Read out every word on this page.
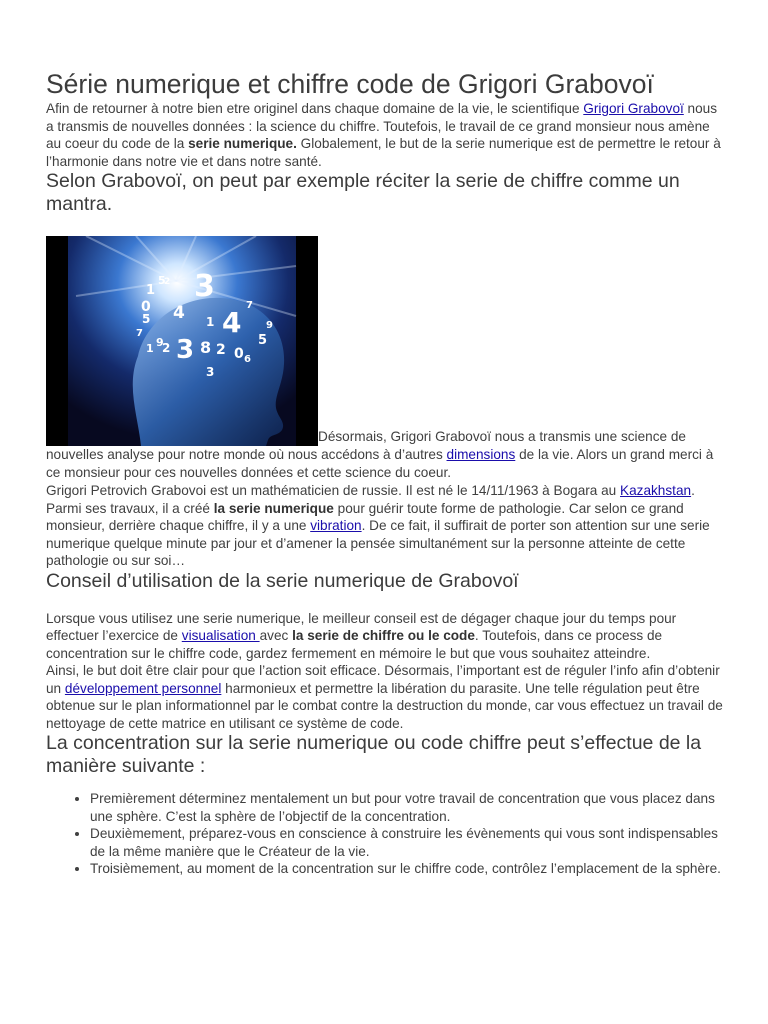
Série numerique et chiffre code de Grigori Grabovoï

Afin de retourner à notre bien etre originel dans chaque domaine de la vie, le scientifique Grigori Grabovoï nous a transmis de nouvelles données : la science du chiffre. Toutefois, le travail de ce grand monsieur nous amène au coeur du code de la serie numerique. Globalement, le but de la serie numerique est de permettre le retour à l’harmonie dans notre vie et dans notre santé.

Selon Grabovoï, on peut par exemple réciter la serie de chiffre comme un mantra.
1
5 3
2
0 4
5	1 4
3 8 2 0
5
9
7
1 2
3
7
6
9
Désormais, Grigori Grabovoï nous a transmis une science de nouvelles analyse pour notre monde où nous accédons à d’autres dimensions de la vie. Alors un grand merci à ce monsieur pour ces nouvelles données et cette science du coeur.

Grigori Petrovich Grabovoi est un mathématicien de russie. Il est né le 14/11/1963 à Bogara au Kazakhstan. Parmi ses travaux, il a créé la serie numerique pour guérir toute forme de pathologie. Car selon ce grand monsieur, derrière chaque chiffre, il y a une vibration. De ce fait, il suffirait de porter son attention sur une serie numerique quelque minute par jour et d’amener la pensée simultanément sur la personne atteinte de cette pathologie ou sur soi…

Conseil d’utilisation de la serie numerique de Grabovoï

Lorsque vous utilisez une serie numerique, le meilleur conseil est de dégager chaque jour du temps pour effectuer l’exercice de visualisation avec la serie de chiffre ou le code. Toutefois, dans ce process de concentration sur le chiffre code, gardez fermement en mémoire le but que vous souhaitez atteindre.

Ainsi, le but doit être clair pour que l’action soit efficace. Désormais, l’important est de réguler l’info afin d’obtenir un développement personnel harmonieux et permettre la libération du parasite. Une telle régulation peut être obtenue sur le plan informationnel par le combat contre la destruction du monde, car vous effectuez un travail de nettoyage de cette matrice en utilisant ce système de code.

La concentration sur la serie numerique ou code chiffre peut s’effectue de la manière suivante :
• Premièrement déterminez mentalement un but pour votre travail de concentration que vous placez dans une sphère. C’est la sphère de l’objectif de la concentration.
• Deuxièmement, préparez-vous en conscience à construire les évènements qui vous sont indispensables de la même manière que le Créateur de la vie.
• Troisièmement, au moment de la concentration sur le chiffre code, contrôlez l’emplacement de la sphère.
